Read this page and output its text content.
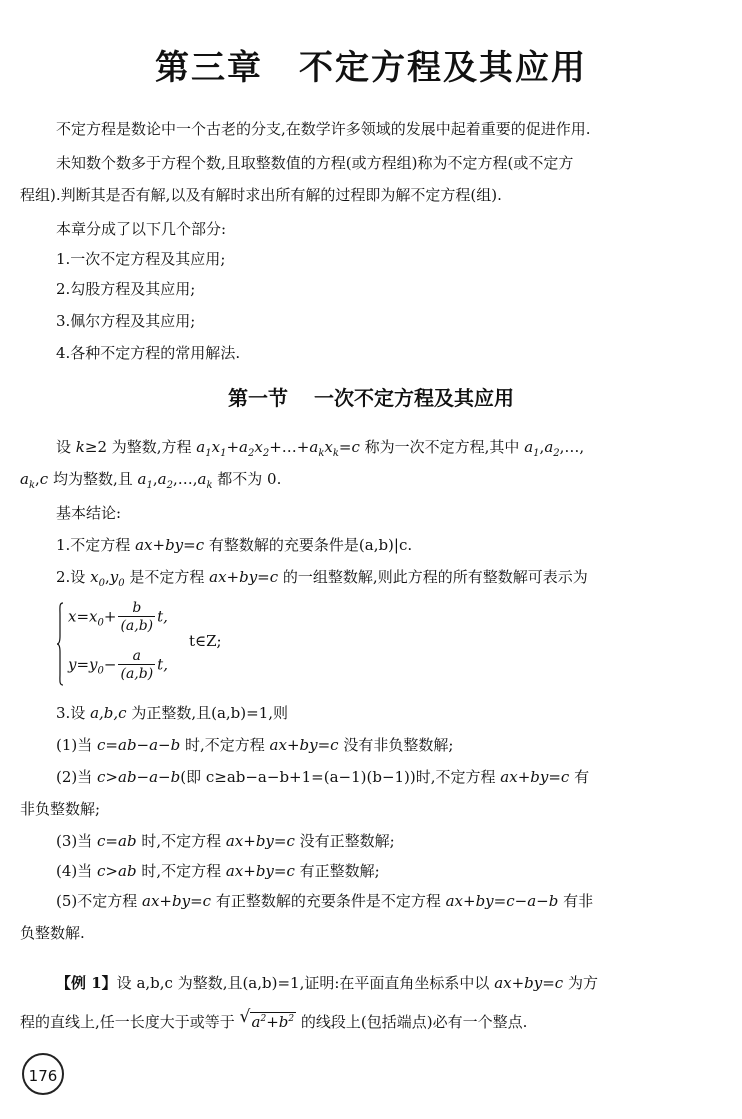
第三章 不定方程及其应用

不定方程是数论中一个古老的分支,在数学许多领域的发展中起着重要的促进作用.

未知数个数多于方程个数,且取整数值的方程(或方程组)称为不定方程(或不定方

程组).判断其是否有解,以及有解时求出所有解的过程即为解不定方程(组).

本章分成了以下几个部分:

1.一次不定方程及其应用;

2.勾股方程及其应用;

3.佩尔方程及其应用;

4.各种不定方程的常用解法.

第一节 一次不定方程及其应用

设 k≥2 为整数,方程 $a_1x_1+a_2x_2+\dots+a_kx_k=c$ 称为一次不定方程,其中 $a_1,a_2,\dots$,

$a_k,c$ 均为整数,且 $a_1,a_2,\dots,a_k$ 都不为 0.

基本结论:

1.不定方程 ax+by=c 有整数解的充要条件是(a,b)|c.

2.设 $x_0,y_0$ 是不定方程 ax+by=c 的一组整数解,则此方程的所有整数解可表示为

$x=x_0+ \frac{b}{(a,b)} t$,
t∈Z;
$y=y_0- \frac{a}{(a,b)} t$,

3.设 a,b,c 为正整数,且(a,b)=1,则

(1)当 c=ab−a−b 时,不定方程 ax+by=c 没有非负整数解;

(2)当 c>ab−a−b(即 c≥ab−a−b+1=(a−1)(b−1))时,不定方程 ax+by=c 有

非负整数解;

(3)当 c=ab 时,不定方程 ax+by=c 没有正整数解;

(4)当 c>ab 时,不定方程 ax+by=c 有正整数解;

(5)不定方程 ax+by=c 有正整数解的充要条件是不定方程 ax+by=c−a−b 有非

负整数解.

【例 1】设 a,b,c 为整数,且(a,b)=1,证明:在平面直角坐标系中以 ax+by=c 为方

程的直线上,任一长度大于或等于 √ $a^2+b^2$ 的线段上(包括端点)必有一个整点.

176
